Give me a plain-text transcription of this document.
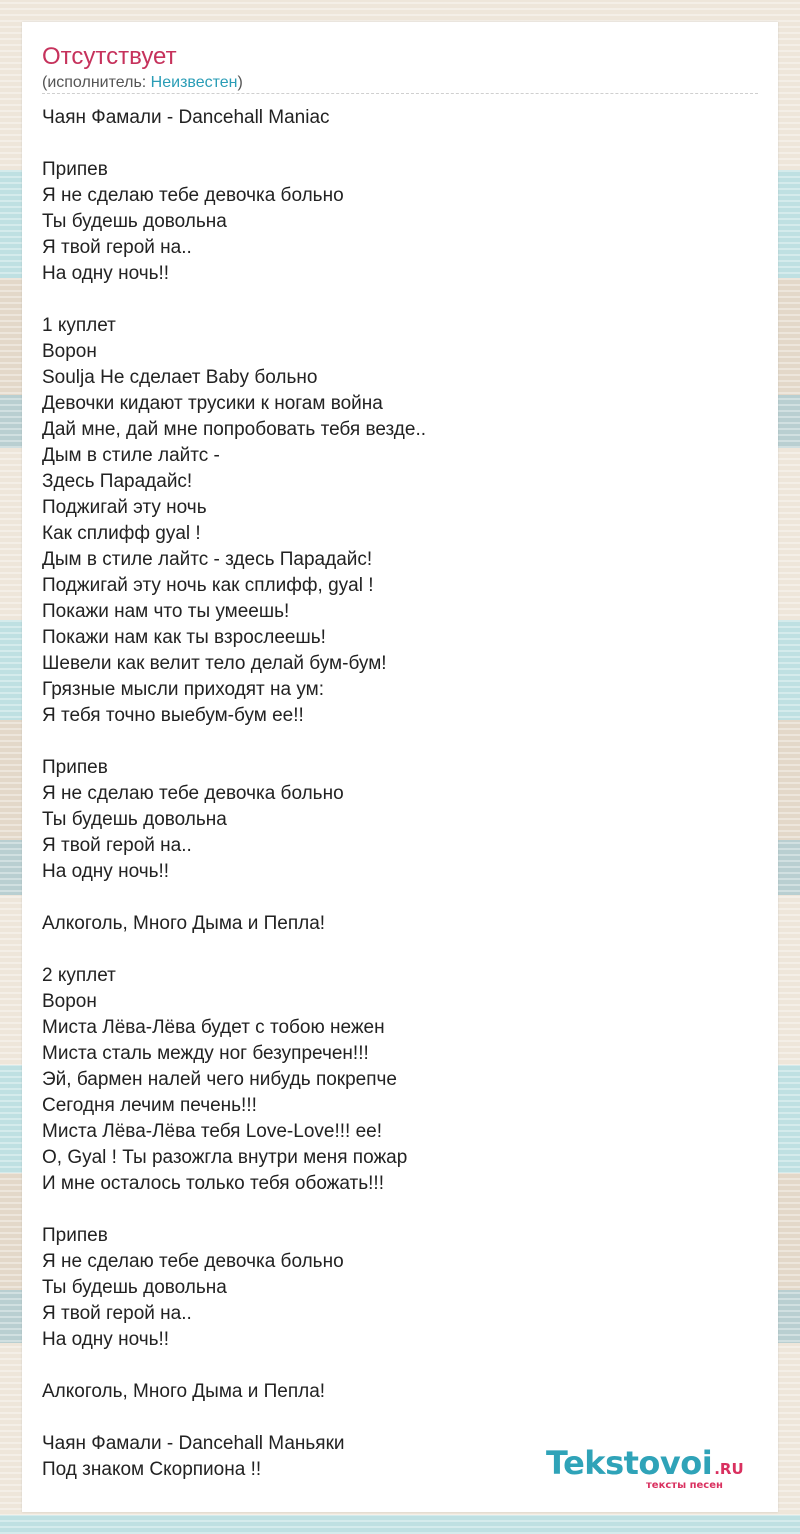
Отсутствует
(исполнитель: Неизвестен)
Чаян Фамали - Dancehall Maniac

Припев
Я не сделаю тебе девочка больно
Ты будешь довольна
Я твой герой на..
На одну ночь!!

1 куплет
Ворон
Soulja Не сделает Baby больно
Девочки кидают трусики к ногам война
Дай мне, дай мне попробовать тебя везде..
Дым в стиле лайтс -
Здесь Парадайс!
Поджигай эту ночь
Как сплифф gyal !
Дым в стиле лайтс - здесь Парадайс!
Поджигай эту ночь как сплифф, gyal !
Покажи нам что ты умеешь!
Покажи нам как ты взрослеешь!
Шевели как велит тело делай бум-бум!
Грязные мысли приходят на ум:
Я тебя точно выебум-бум ее!!

Припев
Я не сделаю тебе девочка больно
Ты будешь довольна
Я твой герой на..
На одну ночь!!

Алкоголь, Много Дыма и Пепла!

2 куплет
Ворон
Миста Лёва-Лёва будет с тобою нежен
Миста сталь между ног безупречен!!!
Эй, бармен налей чего нибудь покрепче
Сегодня лечим печень!!!
Миста Лёва-Лёва тебя Love-Love!!! ее!
О, Gyal ! Ты разожгла внутри меня пожар
И мне осталось только тебя обожать!!!

Припев
Я не сделаю тебе девочка больно
Ты будешь довольна
Я твой герой на..
На одну ночь!!

Алкоголь, Много Дыма и Пепла!

Чаян Фамали - Dancehall Маньяки
Под знаком Скорпиона !!	Tekstovoi .RU
тексты песен
